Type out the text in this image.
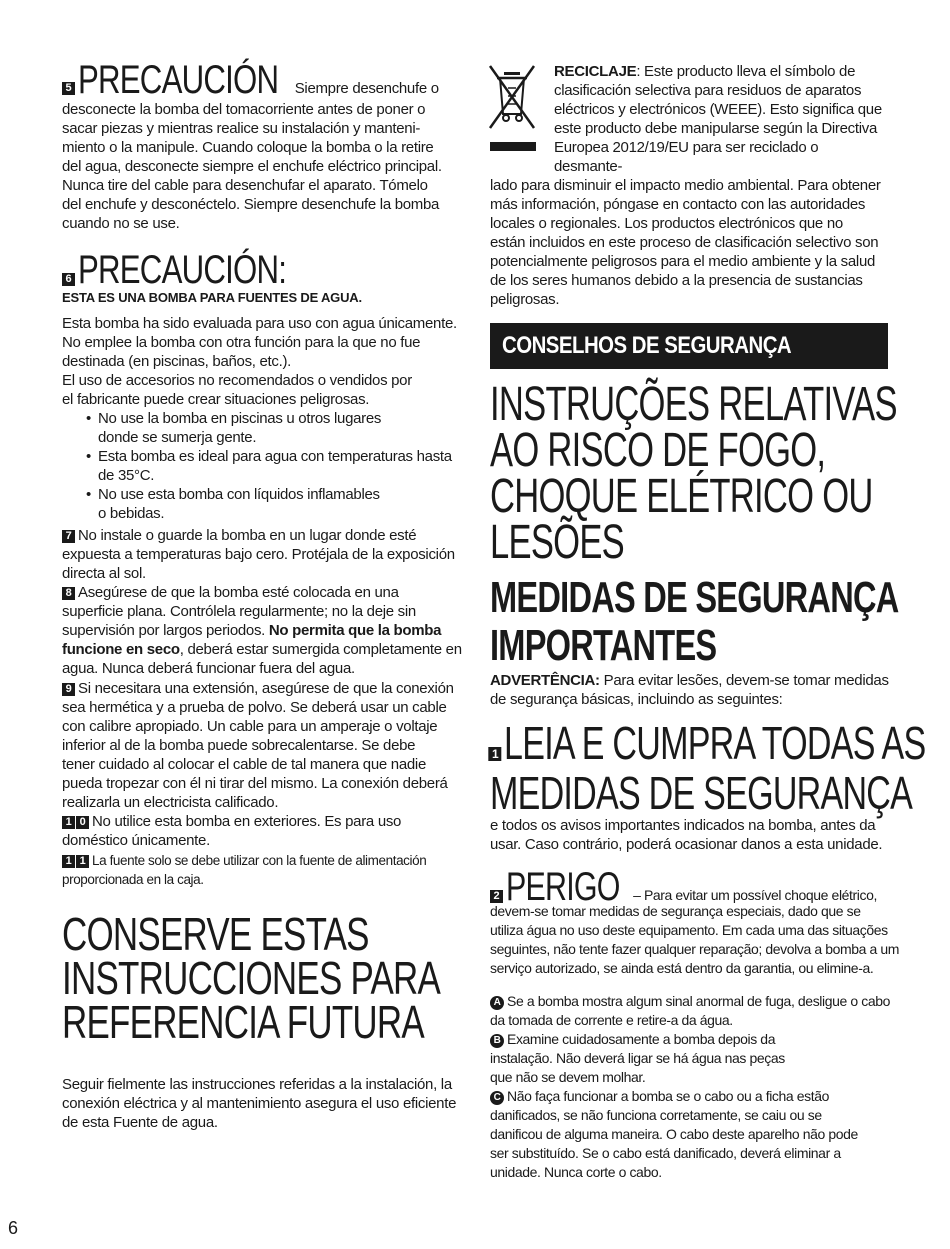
5 PRECAUCIÓN Siempre desenchufe o

desconecte la bomba del tomacorriente antes de poner o

sacar piezas y mientras realice su instalación y manteni-

miento o la manipule. Cuando coloque la bomba o la retire

del agua, desconecte siempre el enchufe eléctrico principal.

Nunca tire del cable para desenchufar el aparato. Tómelo

del enchufe y desconéctelo. Siempre desenchufe la bomba

cuando no se use.

6 PRECAUCIÓN:

ESTA ES UNA BOMBA PARA FUENTES DE AGUA.

Esta bomba ha sido evaluada para uso con agua únicamente.

No emplee la bomba con otra función para la que no fue

destinada (en piscinas, baños, etc.).

El uso de accesorios no recomendados o vendidos por

el fabricante puede crear situaciones peligrosas.

• No use la bomba en piscinas u otros lugares
donde se sumerja gente.
• Esta bomba es ideal para agua con temperaturas hasta
de 35°C.
• No use esta bomba con líquidos inflamables
o bebidas.

7 No instale o guarde la bomba en un lugar donde esté

expuesta a temperaturas bajo cero. Protéjala de la exposición

directa al sol.

8 Asegúrese de que la bomba esté colocada en una

superficie plana. Contrólela regularmente; no la deje sin

supervisión por largos periodos. No permita que la bomba

funcione en seco, deberá estar sumergida completamente en

agua. Nunca deberá funcionar fuera del agua.

9 Si necesitara una extensión, asegúrese de que la conexión

sea hermética y a prueba de polvo. Se deberá usar un cable

con calibre apropiado. Un cable para un amperaje o voltaje

inferior al de la bomba puede sobrecalentarse. Se debe

tener cuidado al colocar el cable de tal manera que nadie

pueda tropezar con él ni tirar del mismo. La conexión deberá

realizarla un electricista calificado.

1 0 No utilice esta bomba en exteriores. Es para uso

doméstico únicamente.

1 1 La fuente solo se debe utilizar con la fuente de alimentación

proporcionada en la caja.

CONSERVE ESTAS
INSTRUCCIONES PARA
REFERENCIA FUTURA

Seguir fielmente las instrucciones referidas a la instalación, la

conexión eléctrica y al mantenimiento asegura el uso eficiente

de esta Fuente de agua.

RECICLAJE: Este producto lleva el símbolo de

clasificación selectiva para residuos de aparatos

eléctricos y electrónicos (WEEE). Esto significa que

este producto debe manipularse según la Directiva

Europea 2012/19/EU para ser reciclado o desmante-

lado para disminuir el impacto medio ambiental. Para obtener

más información, póngase en contacto con las autoridades

locales o regionales. Los productos electrónicos que no

están incluidos en este proceso de clasificación selectivo son

potencialmente peligrosos para el medio ambiente y la salud

de los seres humanos debido a la presencia de sustancias

peligrosas.

CONSELHOS DE SEGURANÇA
INSTRUÇÕES RELATIVAS
AO RISCO DE FOGO,
CHOQUE ELÉTRICO OU
LESÕES
MEDIDAS DE SEGURANÇA
IMPORTANTES

ADVERTÊNCIA: Para evitar lesões, devem-se tomar medidas

de segurança básicas, incluindo as seguintes:

1 LEIA E CUMPRA TODAS AS
MEDIDAS DE SEGURANÇA

e todos os avisos importantes indicados na bomba, antes da

usar. Caso contrário, poderá ocasionar danos a esta unidade.

2 PERIGO – Para evitar um possível choque elétrico,

devem-se tomar medidas de segurança especiais, dado que se

utiliza água no uso deste equipamento. Em cada uma das situações

seguintes, não tente fazer qualquer reparação; devolva a bomba a um

serviço autorizado, se ainda está dentro da garantia, ou elimine-a.

A Se a bomba mostra algum sinal anormal de fuga, desligue o cabo

da tomada de corrente e retire-a da água.

B Examine cuidadosamente a bomba depois da

instalação. Não deverá ligar se há água nas peças

que não se devem molhar.

C Não faça funcionar a bomba se o cabo ou a ficha estão

danificados, se não funciona corretamente, se caiu ou se

danificou de alguma maneira. O cabo deste aparelho não pode

ser substituído. Se o cabo está danificado, deverá eliminar a

unidade. Nunca corte o cabo.

6
